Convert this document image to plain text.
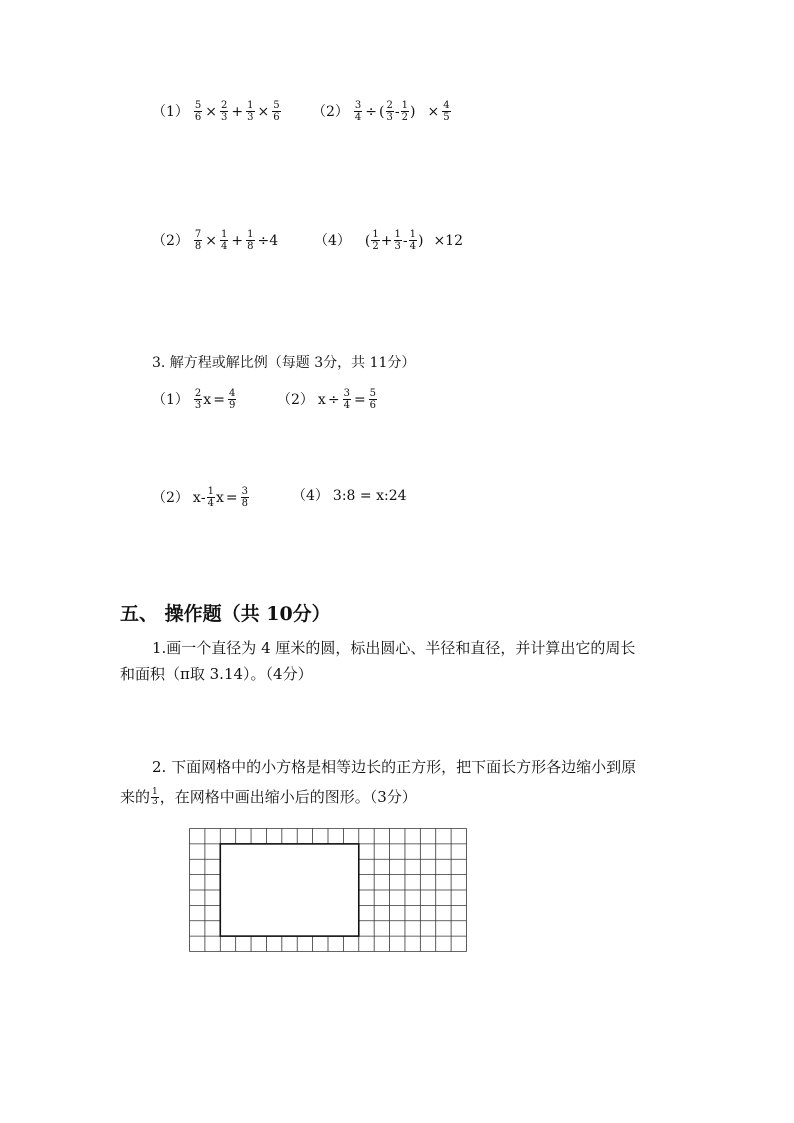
$(1) \frac{5}{6} \times \frac{2}{3} + \frac{1}{3} \times \frac{5}{6} (2) \frac{3}{4}$ ÷ ( $\frac{2}{3} - \frac{1}{2}$ ) × $\frac{4}{5}$
$(2) \frac{7}{8} \times \frac{1}{4} + \frac{1}{8} \div 4$	（4） ( $\frac{1}{2} + \frac{1}{3} - \frac{1}{4}$ ) ×12
3. 解方程或解比例（每题 3分，共 11分）
$(1) \frac{2}{3}$ $x = \frac{4}{9}$	（2） $x \div \frac{3}{4} = \frac{5}{6}$
（2） x - $\frac{1}{4}$ $x = \frac{3}{8}$	（4） 3:8 = x:24
五、 操作题（共 10分）
1.画一个直径为 4 厘米的圆，标出圆心、半径和直径，并计算出它的周长
和面积（π取 3.14）。（4分）
2. 下面网格中的小方格是相等边长的正方形，把下面长方形各边缩小到原
来的 $\frac{1}{3}$ ，在网格中画出缩小后的图形。（3分）
